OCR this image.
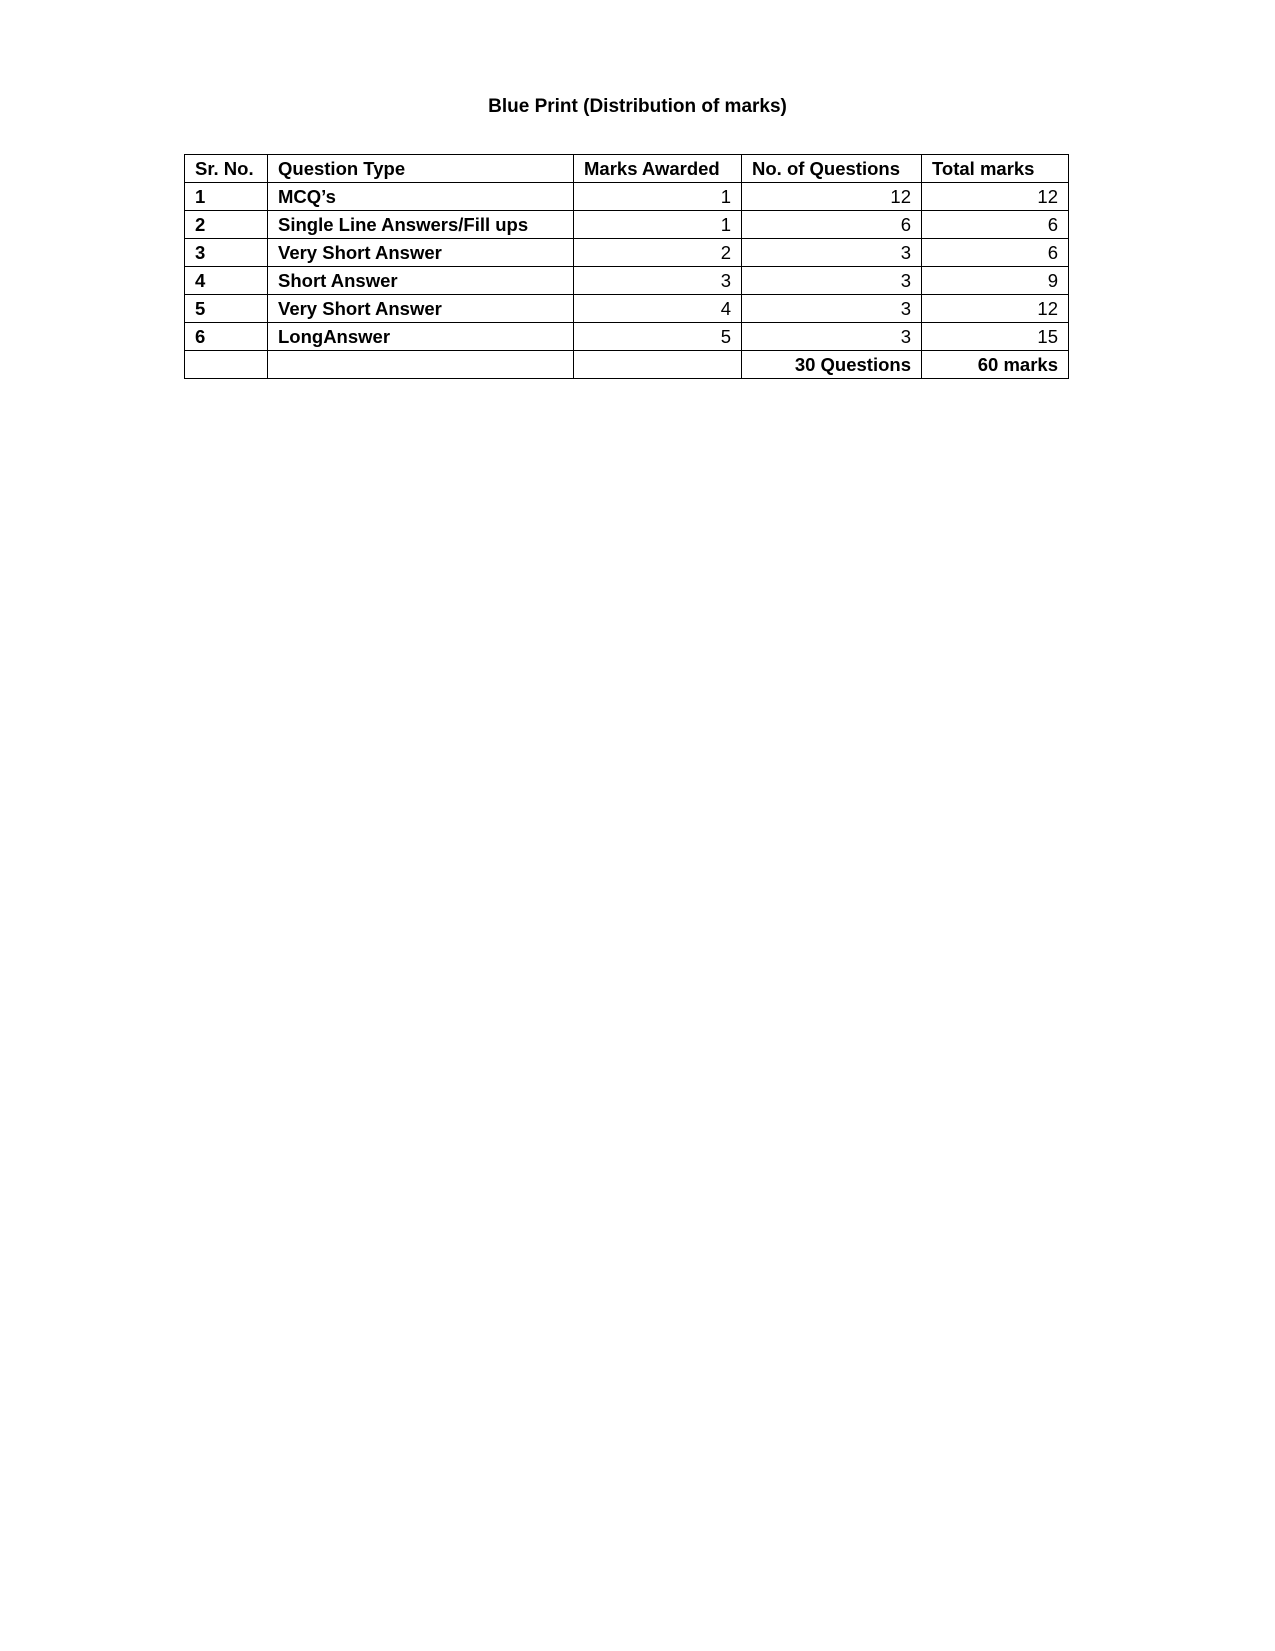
Blue Print (Distribution of marks)
Sr. No.	Question Type	Marks Awarded	No. of Questions	Total marks
1	MCQ’s	1	12	12
2	Single Line Answers/Fill ups	1	6	6
3	Very Short Answer	2	3	6
4	Short Answer	3	3	9
5	Very Short Answer	4	3	12
6	LongAnswer	5	3	15
			30 Questions	60 marks
